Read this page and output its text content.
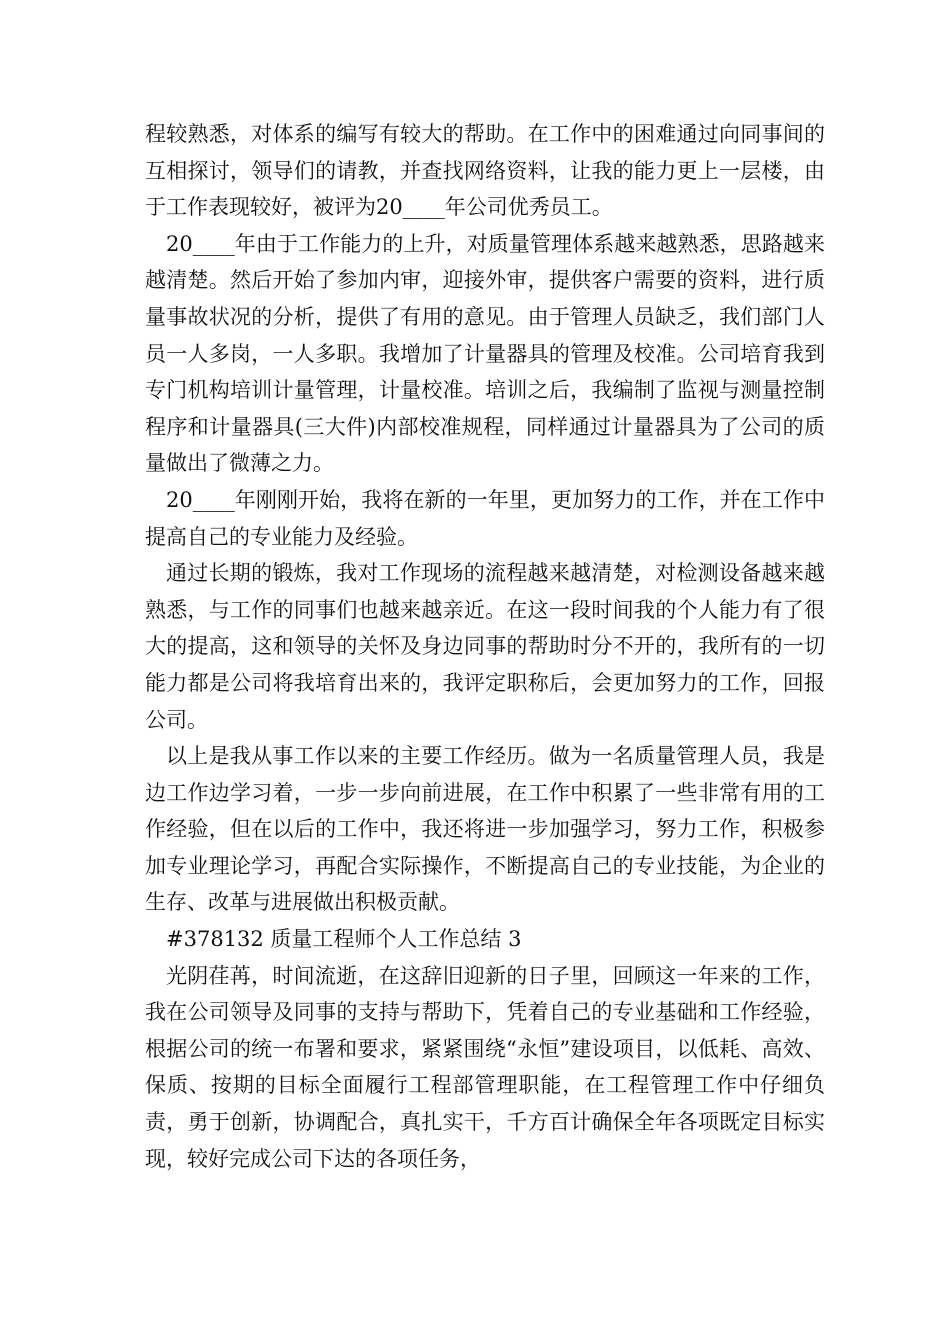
程较熟悉，对体系的编写有较大的帮助。在工作中的困难通过向同事间的互相探讨，领导们的请教，并查找网络资料，让我的能力更上一层楼，由于工作表现较好，被评为20____年公司优秀员工。

20____年由于工作能力的上升，对质量管理体系越来越熟悉，思路越来越清楚。然后开始了参加内审，迎接外审，提供客户需要的资料，进行质量事故状况的分析，提供了有用的意见。由于管理人员缺乏，我们部门人员一人多岗，一人多职。我增加了计量器具的管理及校准。公司培育我到专门机构培训计量管理，计量校准。培训之后，我编制了监视与测量控制程序和计量器具(三大件)内部校准规程，同样通过计量器具为了公司的质量做出了微薄之力。

20____年刚刚开始，我将在新的一年里，更加努力的工作，并在工作中提高自己的专业能力及经验。

通过长期的锻炼，我对工作现场的流程越来越清楚，对检测设备越来越熟悉，与工作的同事们也越来越亲近。在这一段时间我的个人能力有了很大的提高，这和领导的关怀及身边同事的帮助时分不开的，我所有的一切能力都是公司将我培育出来的，我评定职称后，会更加努力的工作，回报公司。

以上是我从事工作以来的主要工作经历。做为一名质量管理人员，我是边工作边学习着，一步一步向前进展，在工作中积累了一些非常有用的工作经验，但在以后的工作中，我还将进一步加强学习，努力工作，积极参加专业理论学习，再配合实际操作，不断提高自己的专业技能，为企业的生存、改革与进展做出积极贡献。

#378132 质量工程师个人工作总结 3

光阴荏苒，时间流逝，在这辞旧迎新的日子里，回顾这一年来的工作，我在公司领导及同事的支持与帮助下，凭着自己的专业基础和工作经验，根据公司的统一布署和要求，紧紧围绕“永恒”建设项目，以低耗、高效、保质、按期的目标全面履行工程部管理职能，在工程管理工作中仔细负责，勇于创新，协调配合，真扎实干，千方百计确保全年各项既定目标实现，较好完成公司下达的各项任务，
